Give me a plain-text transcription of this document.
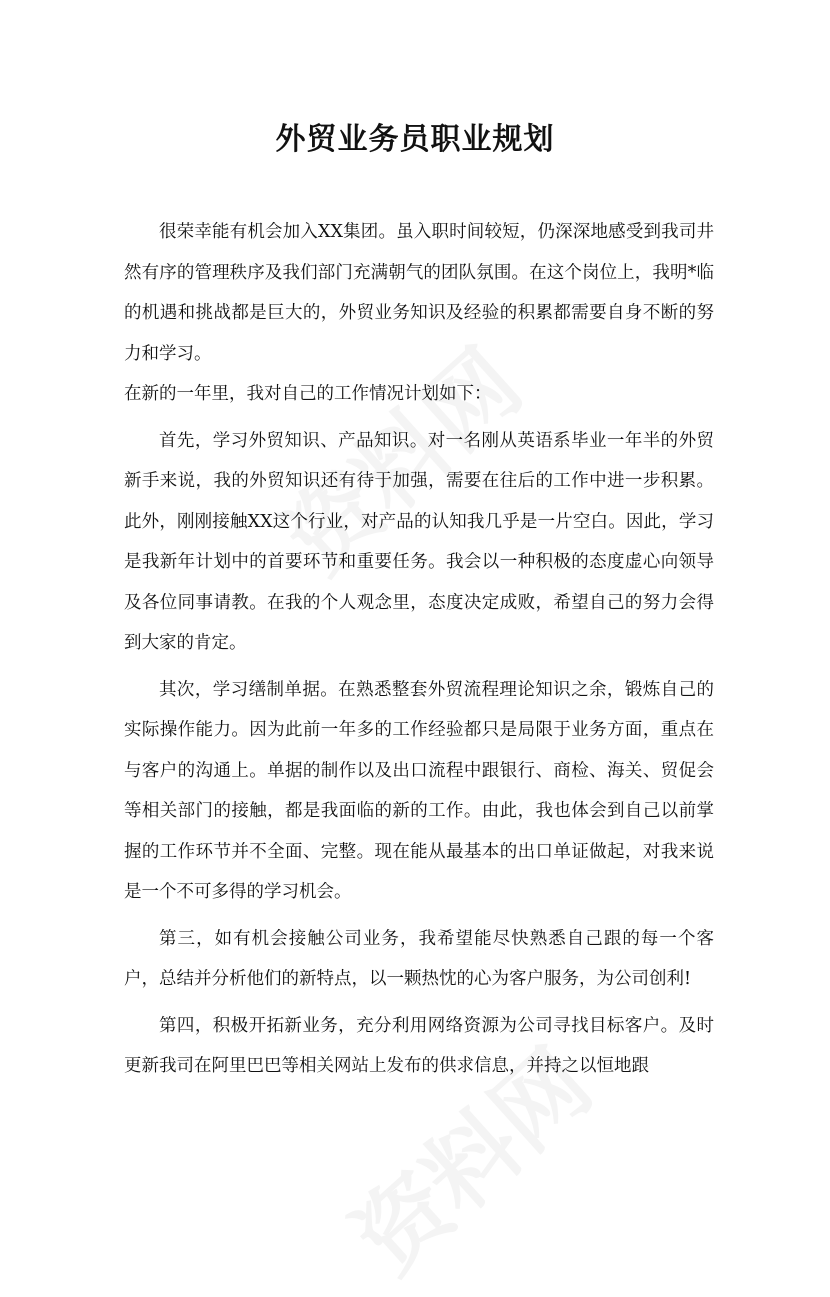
外贸业务员职业规划

很荣幸能有机会加入XX集团。虽入职时间较短，仍深深地感受到我司井然有序的管理秩序及我们部门充满朝气的团队氛围。在这个岗位上，我明*临的机遇和挑战都是巨大的，外贸业务知识及经验的积累都需要自身不断的努力和学习。

在新的一年里，我对自己的工作情况计划如下：

首先，学习外贸知识、产品知识。对一名刚从英语系毕业一年半的外贸新手来说，我的外贸知识还有待于加强，需要在往后的工作中进一步积累。此外，刚刚接触XX这个行业，对产品的认知我几乎是一片空白。因此，学习是我新年计划中的首要环节和重要任务。我会以一种积极的态度虚心向领导及各位同事请教。在我的个人观念里，态度决定成败，希望自己的努力会得到大家的肯定。

其次，学习缮制单据。在熟悉整套外贸流程理论知识之余，锻炼自己的实际操作能力。因为此前一年多的工作经验都只是局限于业务方面，重点在与客户的沟通上。单据的制作以及出口流程中跟银行、商检、海关、贸促会等相关部门的接触，都是我面临的新的工作。由此，我也体会到自己以前掌握的工作环节并不全面、完整。现在能从最基本的出口单证做起，对我来说是一个不可多得的学习机会。

第三，如有机会接触公司业务，我希望能尽快熟悉自己跟的每一个客户，总结并分析他们的新特点，以一颗热忱的心为客户服务，为公司创利!

第四，积极开拓新业务，充分利用网络资源为公司寻找目标客户。及时更新我司在阿里巴巴等相关网站上发布的供求信息，并持之以恒地跟
